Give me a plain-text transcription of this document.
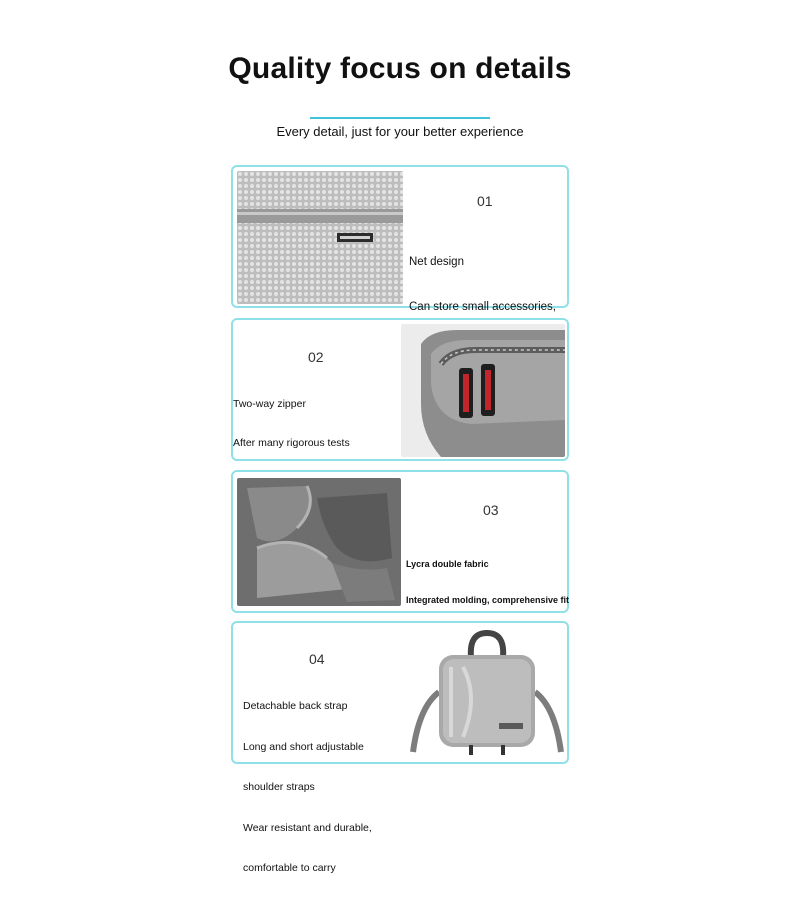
Quality focus on details
Every detail, just for your better experience
01

Net design

Can store small accessories,

02

Two-way zipper

After many rigorous tests

03

Lycra double fabric

Integrated molding, comprehensive fit

04

Detachable back strap

Long and short adjustable

shoulder straps

Wear resistant and durable,

comfortable to carry
